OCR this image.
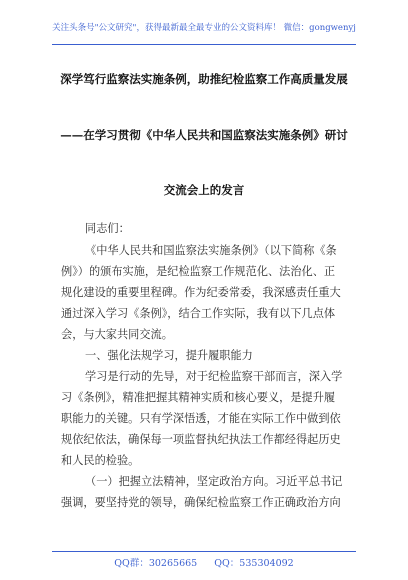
关注头条号"公文研究"，获得最新最全最专业的公文资料库！ 微信：gongwenyj
深学笃行监察法实施条例，助推纪检监察工作高质量发展
——在学习贯彻《中华人民共和国监察法实施条例》研讨
交流会上的发言
同志们：
《中华人民共和国监察法实施条例》（以下简称《条
例》）的颁布实施，是纪检监察工作规范化、法治化、正
规化建设的重要里程碑。作为纪委常委，我深感责任重大
通过深入学习《条例》，结合工作实际，我有以下几点体
会，与大家共同交流。
一、强化法规学习，提升履职能力
学习是行动的先导，对于纪检监察干部而言，深入学
习《条例》，精准把握其精神实质和核心要义，是提升履
职能力的关键。只有学深悟透，才能在实际工作中做到依
规依纪依法，确保每一项监督执纪执法工作都经得起历史
和人民的检验。
（一）把握立法精神，坚定政治方向。习近平总书记
强调，要坚持党的领导，确保纪检监察工作正确政治方向
QQ群：30265665 QQ：535304092
